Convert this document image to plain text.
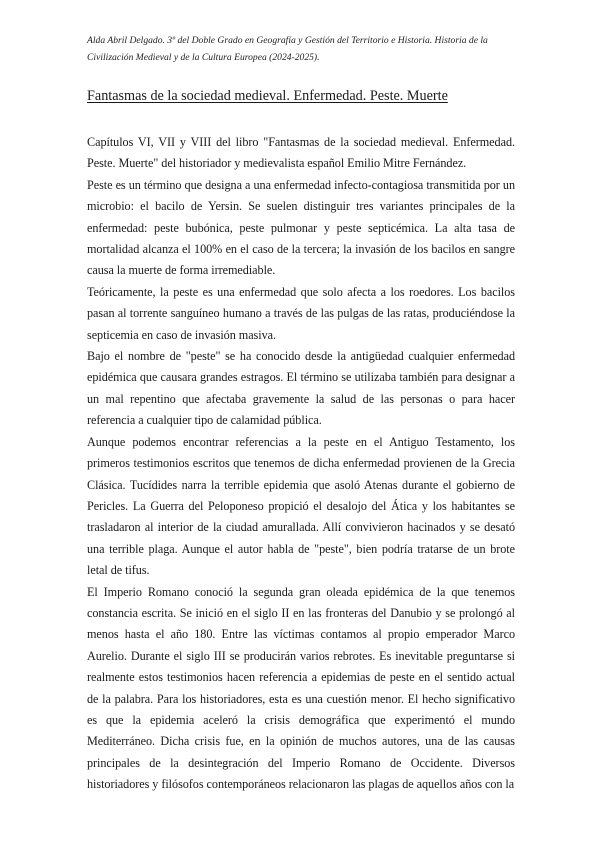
Alda Abril Delgado. 3º del Doble Grado en Geografía y Gestión del Territorio e Historia. Historia de la Civilización Medieval y de la Cultura Europea (2024-2025).
Fantasmas de la sociedad medieval. Enfermedad. Peste. Muerte

Capítulos VI, VII y VIII del libro "Fantasmas de la sociedad medieval. Enfermedad. Peste. Muerte" del historiador y medievalista español Emilio Mitre Fernández.

Peste es un término que designa a una enfermedad infecto-contagiosa transmitida por un microbio: el bacilo de Yersin. Se suelen distinguir tres variantes principales de la enfermedad: peste bubónica, peste pulmonar y peste septicémica. La alta tasa de mortalidad alcanza el 100% en el caso de la tercera; la invasión de los bacilos en sangre causa la muerte de forma irremediable.

Teóricamente, la peste es una enfermedad que solo afecta a los roedores. Los bacilos pasan al torrente sanguíneo humano a través de las pulgas de las ratas, produciéndose la septicemia en caso de invasión masiva.

Bajo el nombre de "peste" se ha conocido desde la antigüedad cualquier enfermedad epidémica que causara grandes estragos. El término se utilizaba también para designar a un mal repentino que afectaba gravemente la salud de las personas o para hacer referencia a cualquier tipo de calamidad pública.

Aunque podemos encontrar referencias a la peste en el Antiguo Testamento, los primeros testimonios escritos que tenemos de dicha enfermedad provienen de la Grecia Clásica. Tucídides narra la terrible epidemia que asoló Atenas durante el gobierno de Pericles. La Guerra del Peloponeso propició el desalojo del Ática y los habitantes se trasladaron al interior de la ciudad amurallada. Allí convivieron hacinados y se desató una terrible plaga. Aunque el autor habla de "peste", bien podría tratarse de un brote letal de tifus.

El Imperio Romano conoció la segunda gran oleada epidémica de la que tenemos constancia escrita. Se inició en el siglo II en las fronteras del Danubio y se prolongó al menos hasta el año 180. Entre las víctimas contamos al propio emperador Marco Aurelio. Durante el siglo III se producirán varios rebrotes. Es inevitable preguntarse si realmente estos testimonios hacen referencia a epidemias de peste en el sentido actual de la palabra. Para los historiadores, esta es una cuestión menor. El hecho significativo es que la epidemia aceleró la crisis demográfica que experimentó el mundo Mediterráneo. Dicha crisis fue, en la opinión de muchos autores, una de las causas principales de la desintegración del Imperio Romano de Occidente. Diversos historiadores y filósofos contemporáneos relacionaron las plagas de aquellos años con la
